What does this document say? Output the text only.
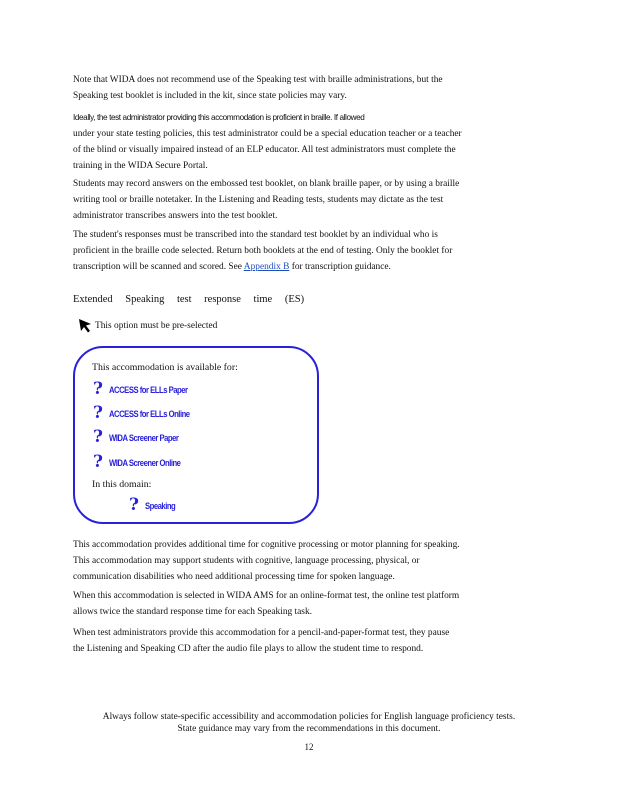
Note that WIDA does not recommend use of the Speaking test with braille administrations, but the
Speaking test booklet is included in the kit, since state policies may vary.

Ideally, the test administrator providing this accommodation is proficient in braille. If allowed
under your state testing policies, this test administrator could be a special education teacher or a teacher
of the blind or visually impaired instead of an ELP educator. All test administrators must complete the
training in the WIDA Secure Portal.

Students may record answers on the embossed test booklet, on blank braille paper, or by using a braille
writing tool or braille notetaker. In the Listening and Reading tests, students may dictate as the test
administrator transcribes answers into the test booklet.

The student's responses must be transcribed into the standard test booklet by an individual who is
proficient in the braille code selected. Return both booklets at the end of testing. Only the booklet for
transcription will be scanned and scored. See Appendix B for transcription guidance.

Extended Speaking test response time (ES)

This option must be pre-selected
This accommodation is available for:
? ACCESS for ELLs Paper
? ACCESS for ELLs Online
? WIDA Screener Paper
? WIDA Screener Online
In this domain:
? Speaking

This accommodation provides additional time for cognitive processing or motor planning for speaking.
This accommodation may support students with cognitive, language processing, physical, or
communication disabilities who need additional processing time for spoken language.

When this accommodation is selected in WIDA AMS for an online-format test, the online test platform
allows twice the standard response time for each Speaking task.

When test administrators provide this accommodation for a pencil-and-paper-format test, they pause
the Listening and Speaking CD after the audio file plays to allow the student time to respond.

Always follow state-specific accessibility and accommodation policies for English language proficiency tests.

State guidance may vary from the recommendations in this document.

12
